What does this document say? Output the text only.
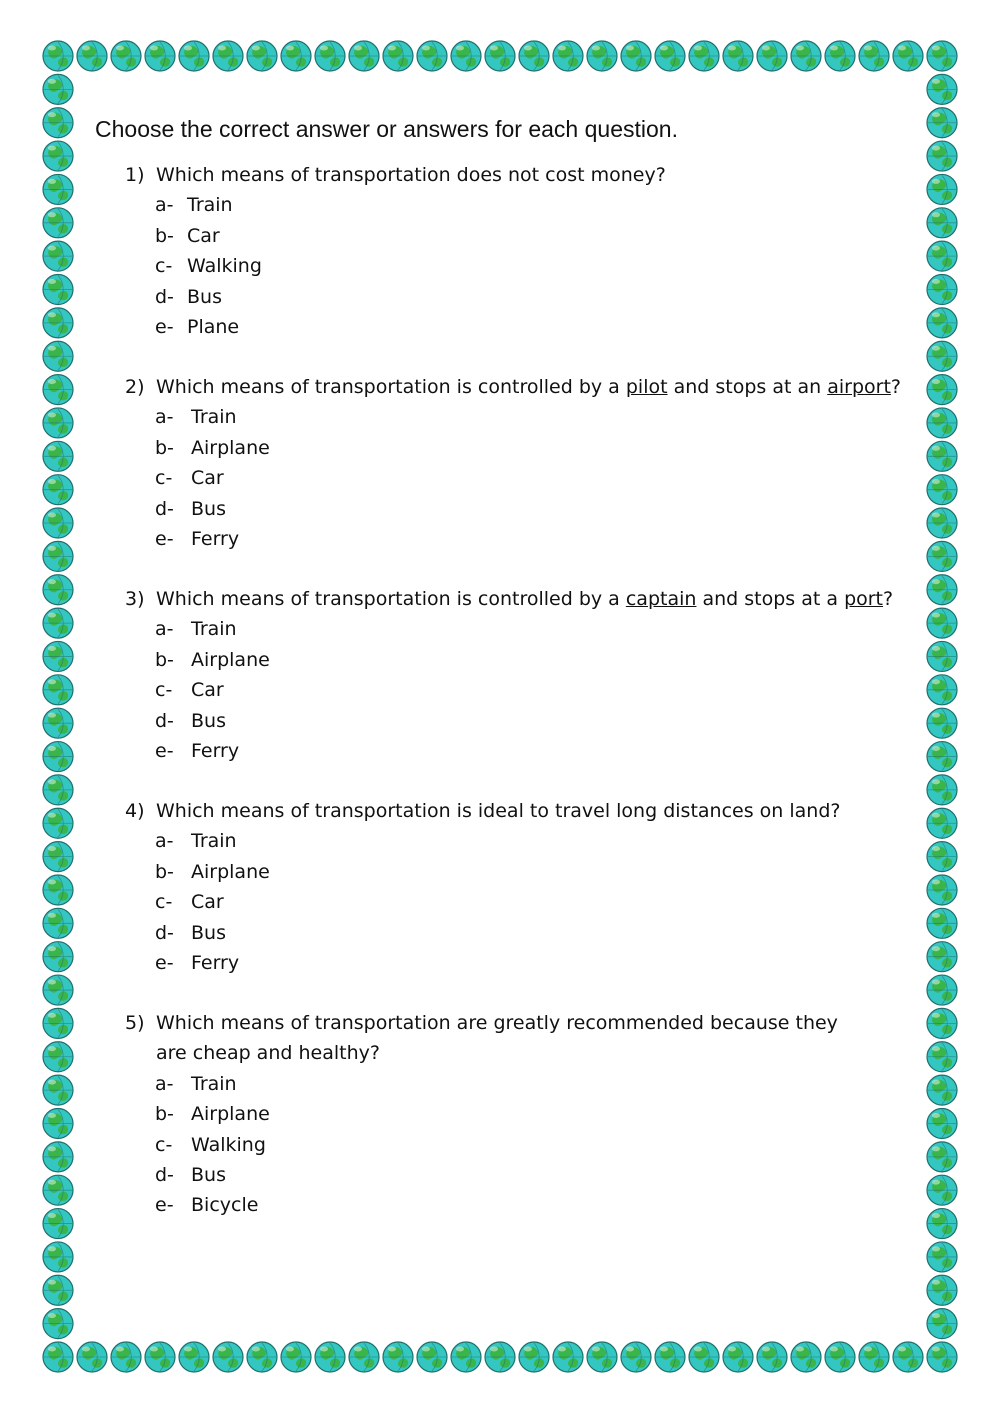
Choose the correct answer or answers for each question.
1) Which means of transportation does not cost money?
a- Train
b- Car
c- Walking
d- Bus
e- Plane
2) Which means of transportation is controlled by a pilot and stops at an airport?
a- Train
b- Airplane
c- Car
d- Bus
e- Ferry
3) Which means of transportation is controlled by a captain and stops at a port?
a- Train
b- Airplane
c- Car
d- Bus
e- Ferry
4) Which means of transportation is ideal to travel long distances on land?
a- Train
b- Airplane
c- Car
d- Bus
e- Ferry
5) Which means of transportation are greatly recommended because they are cheap and healthy?
a- Train
b- Airplane
c- Walking
d- Bus
e- Bicycle
